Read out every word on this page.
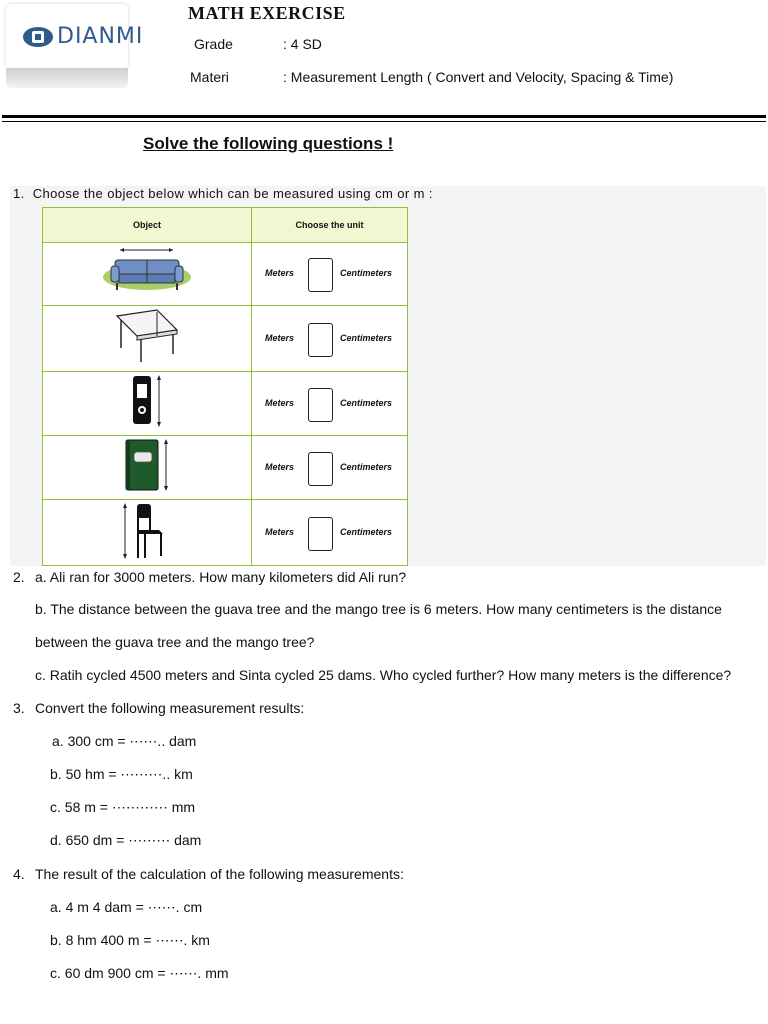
DIANMI
MATH EXERCISE
Grade	: 4 SD
Materi	: Measurement Length ( Convert and Velocity, Spacing & Time)
Solve the following questions !
1. Choose the object below which can be measured using cm or m :
Object	Choose the unit

Meters Centimeters

Meters Centimeters

Meters Centimeters

Meters Centimeters

Meters Centimeters
2. a. Ali ran for 3000 meters. How many kilometers did Ali run?
b. The distance between the guava tree and the mango tree is 6 meters. How many centimeters is the distance
between the guava tree and the mango tree?
c. Ratih cycled 4500 meters and Sinta cycled 25 dams. Who cycled further? How many meters is the difference?
3. Convert the following measurement results:
a. 300 cm = ⋯⋯.. dam
b. 50 hm = ⋯⋯⋯.. km
c. 58 m = ⋯⋯⋯⋯ mm
d. 650 dm = ⋯⋯⋯ dam
4. The result of the calculation of the following measurements:
a. 4 m 4 dam = ⋯⋯. cm
b. 8 hm 400 m = ⋯⋯. km
c. 60 dm 900 cm = ⋯⋯. mm
